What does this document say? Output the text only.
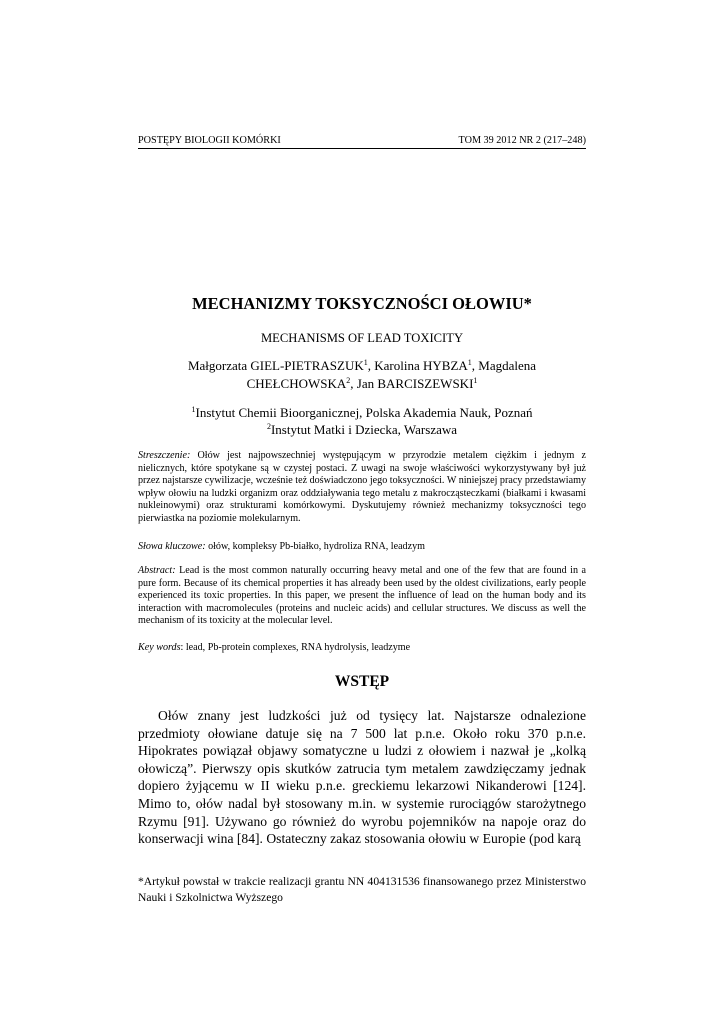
POSTĘPY BIOLOGII KOMÓRKI	TOM 39 2012 NR 2 (217–248)
MECHANIZMY TOKSYCZNOŚCI OŁOWIU*
MECHANISMS OF LEAD TOXICITY
Małgorzata GIEL-PIETRASZUK$^1$, Karolina HYBZA$^1$, Magdalena CHEŁCHOWSKA$^2$, Jan BARCISZEWSKI$^1$
$^1$Instytut Chemii Bioorganicznej, Polska Akademia Nauk, Poznań
$^2$Instytut Matki i Dziecka, Warszawa
Streszczenie: Ołów jest najpowszechniej występującym w przyrodzie metalem ciężkim i jednym z nielicznych, które spotykane są w czystej postaci. Z uwagi na swoje właściwości wykorzystywany był już przez najstarsze cywilizacje, wcześnie też doświadczono jego toksyczności. W niniejszej pracy przedstawiamy wpływ ołowiu na ludzki organizm oraz oddziaływania tego metalu z makrocząsteczkami (białkami i kwasami nukleinowymi) oraz strukturami komórkowymi. Dyskutujemy również mechanizmy toksyczności tego pierwiastka na poziomie molekularnym.
Słowa kluczowe: ołów, kompleksy Pb-białko, hydroliza RNA, leadzym
Abstract: Lead is the most common naturally occurring heavy metal and one of the few that are found in a pure form. Because of its chemical properties it has already been used by the oldest civilizations, early people experienced its toxic properties. In this paper, we present the influence of lead on the human body and its interaction with macromolecules (proteins and nucleic acids) and cellular structures. We discuss as well the mechanism of its toxicity at the molecular level.
Key words: lead, Pb-protein complexes, RNA hydrolysis, leadzyme
WSTĘP
Ołów znany jest ludzkości już od tysięcy lat. Najstarsze odnalezione przedmioty ołowiane datuje się na 7 500 lat p.n.e. Około roku 370 p.n.e. Hipokrates powiązał objawy somatyczne u ludzi z ołowiem i nazwał je „kolką ołowiczą”. Pierwszy opis skutków zatrucia tym metalem zawdzięczamy jednak dopiero żyjącemu w II wieku p.n.e. greckiemu lekarzowi Nikanderowi [124]. Mimo to, ołów nadal był stosowany m.in. w systemie rurociągów starożytnego Rzymu [91]. Używano go również do wyrobu pojemników na napoje oraz do konserwacji wina [84]. Ostateczny zakaz stosowania ołowiu w Europie (pod karą
*Artykuł powstał w trakcie realizacji grantu NN 404131536 finansowanego przez Ministerstwo Nauki i Szkolnictwa Wyższego
